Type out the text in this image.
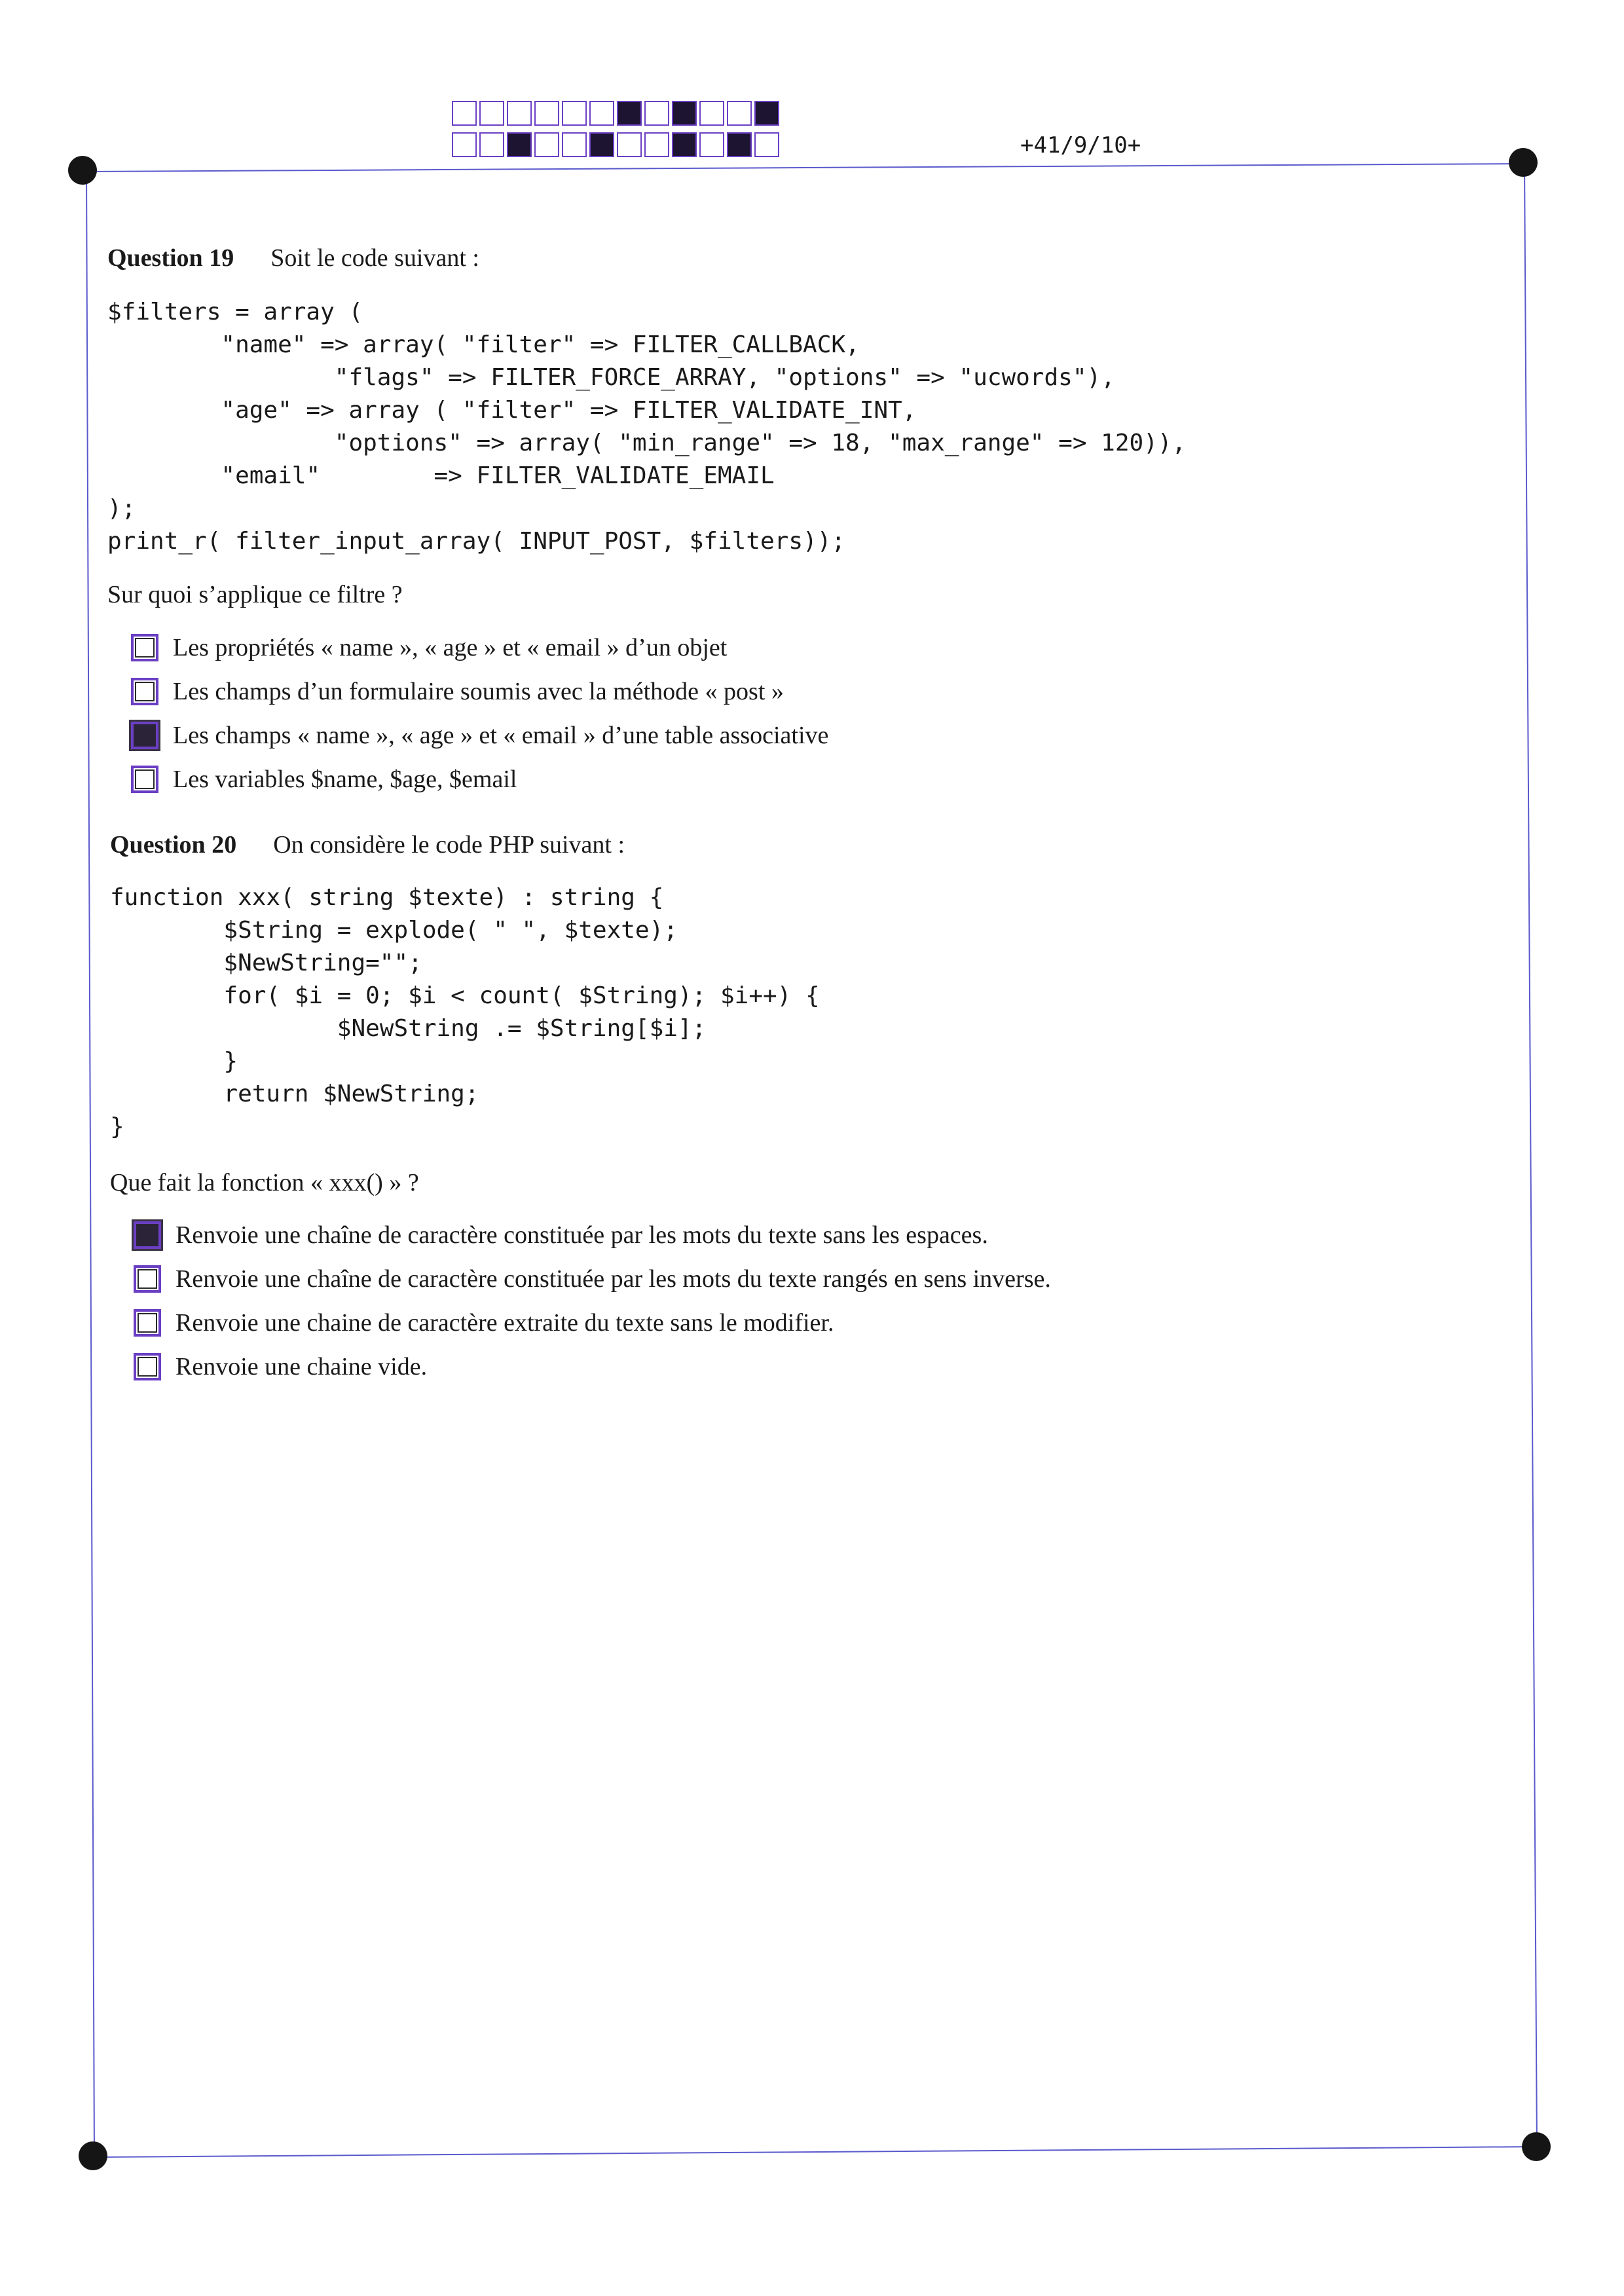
+41/9/10+
Question 19 Soit le code suivant :
$filters = array (
"name" => array( "filter" => FILTER_CALLBACK,
"flags" => FILTER_FORCE_ARRAY, "options" => "ucwords"),
"age" => array ( "filter" => FILTER_VALIDATE_INT,
"options" => array( "min_range" => 18, "max_range" => 120)),
"email"        => FILTER_VALIDATE_EMAIL
);
print_r( filter_input_array( INPUT_POST, $filters));
Sur quoi s’applique ce filtre ?
Les propriétés « name », « age » et « email » d’un objet
Les champs d’un formulaire soumis avec la méthode « post »
Les champs « name », « age » et « email » d’une table associative
Les variables $name, $age, $email
Question 20 On considère le code PHP suivant :
function xxx( string $texte) : string {
$String = explode( " ", $texte);
$NewString="";
for( $i = 0; $i < count( $String); $i++) {
$NewString .= $String[$i];
}
return $NewString;
}
Que fait la fonction « xxx() » ?
Renvoie une chaîne de caractère constituée par les mots du texte sans les espaces.
Renvoie une chaîne de caractère constituée par les mots du texte rangés en sens inverse.
Renvoie une chaine de caractère extraite du texte sans le modifier.
Renvoie une chaine vide.
